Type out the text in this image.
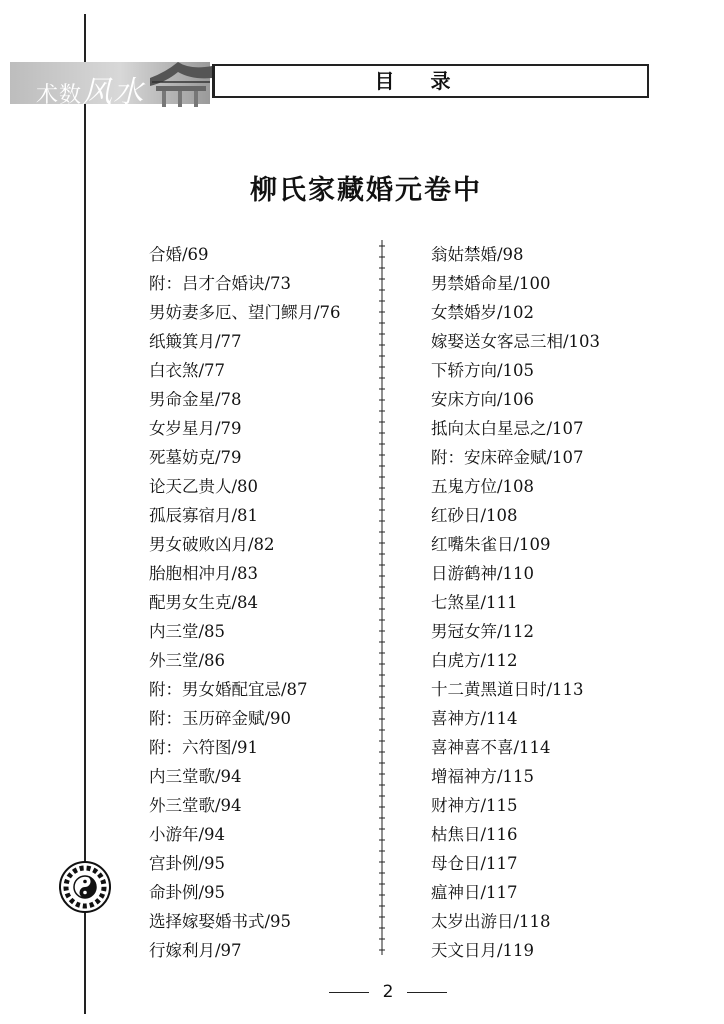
术数风水	目录
柳氏家藏婚元卷中
合婚/69
附：吕才合婚诀/73
男妨妻多厄、望门鳏月/76
纸簸箕月/77
白衣煞/77
男命金星/78
女岁星月/79
死墓妨克/79
论天乙贵人/80
孤辰寡宿月/81
男女破败凶月/82
胎胞相冲月/83
配男女生克/84
内三堂/85
外三堂/86
附：男女婚配宜忌/87
附：玉历碎金赋/90
附：六符图/91
内三堂歌/94
外三堂歌/94
小游年/94
宫卦例/95
命卦例/95
选择嫁娶婚书式/95
行嫁利月/97
翁姑禁婚/98
男禁婚命星/100
女禁婚岁/102
嫁娶送女客忌三相/103
下轿方向/105
安床方向/106
抵向太白星忌之/107
附：安床碎金赋/107
五鬼方位/108
红砂日/108
红嘴朱雀日/109
日游鹤神/110
七煞星/111
男冠女笄/112
白虎方/112
十二黄黑道日时/113
喜神方/114
喜神喜不喜/114
增福神方/115
财神方/115
枯焦日/116
母仓日/117
瘟神日/117
太岁出游日/118
天文日月/119
2
